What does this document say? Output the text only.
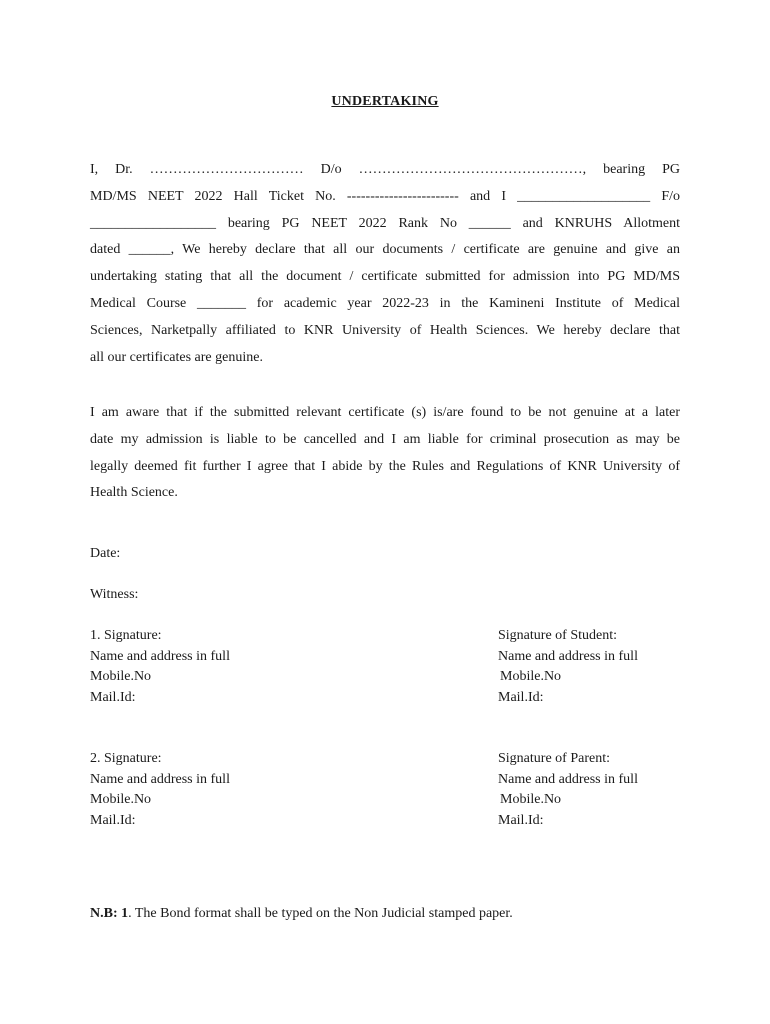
UNDERTAKING
I, Dr. …………………………… D/o …………………………………………, bearing PG
MD/MS NEET 2022 Hall Ticket No. ------------------------ and I ___________________ F/o
__________________ bearing PG NEET 2022 Rank No ______ and KNRUHS Allotment
dated ______, We hereby declare that all our documents / certificate are genuine and give an
undertaking stating that all the document / certificate submitted for admission into PG MD/MS
Medical Course _______ for academic year 2022-23 in the Kamineni Institute of Medical
Sciences, Narketpally affiliated to KNR University of Health Sciences. We hereby declare that
all our certificates are genuine.
I am aware that if the submitted relevant certificate (s) is/are found to be not genuine at a later
date my admission is liable to be cancelled and I am liable for criminal prosecution as may be
legally deemed fit further I agree that I abide by the Rules and Regulations of KNR University of
Health Science.
Date:
Witness:
1. Signature:
Name and address in full
Mobile.No
Mail.Id:
Signature of Student:
Name and address in full
Mobile.No
Mail.Id:
2. Signature:
Name and address in full
Mobile.No
Mail.Id:
Signature of Parent:
Name and address in full
Mobile.No
Mail.Id:
N.B: 1. The Bond format shall be typed on the Non Judicial stamped paper.
